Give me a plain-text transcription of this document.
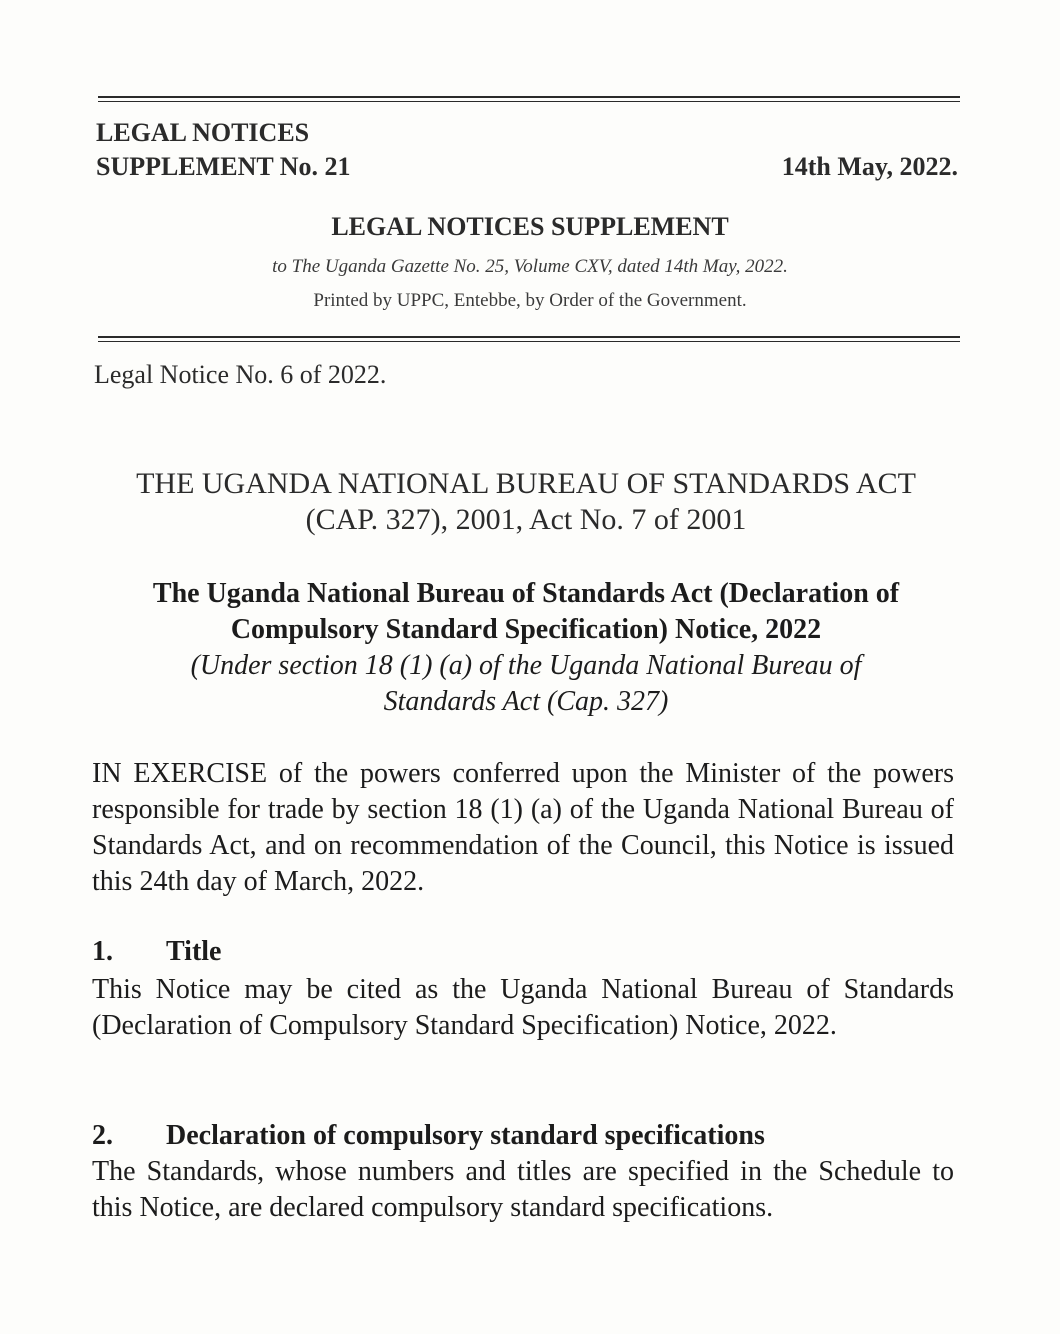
LEGAL NOTICES
SUPPLEMENT No. 21	14th May, 2022.
LEGAL NOTICES SUPPLEMENT
to The Uganda Gazette No. 25, Volume CXV, dated 14th May, 2022.
Printed by UPPC, Entebbe, by Order of the Government.
Legal Notice No. 6 of 2022.
THE UGANDA NATIONAL BUREAU OF STANDARDS ACT
(CAP. 327), 2001, Act No. 7 of 2001
The Uganda National Bureau of Standards Act (Declaration of
Compulsory Standard Specification) Notice, 2022
(Under section 18 (1) (a) of the Uganda National Bureau of
Standards Act (Cap. 327)
IN EXERCISE of the powers conferred upon the Minister of the powers responsible for trade by section 18 (1) (a) of the Uganda National Bureau of Standards Act, and on recommendation of the Council, this Notice is issued this 24th day of March, 2022.
1. Title
This Notice may be cited as the Uganda National Bureau of Standards (Declaration of Compulsory Standard Specification) Notice, 2022.
2. Declaration of compulsory standard specifications
The Standards, whose numbers and titles are specified in the Schedule to this Notice, are declared compulsory standard specifications.
